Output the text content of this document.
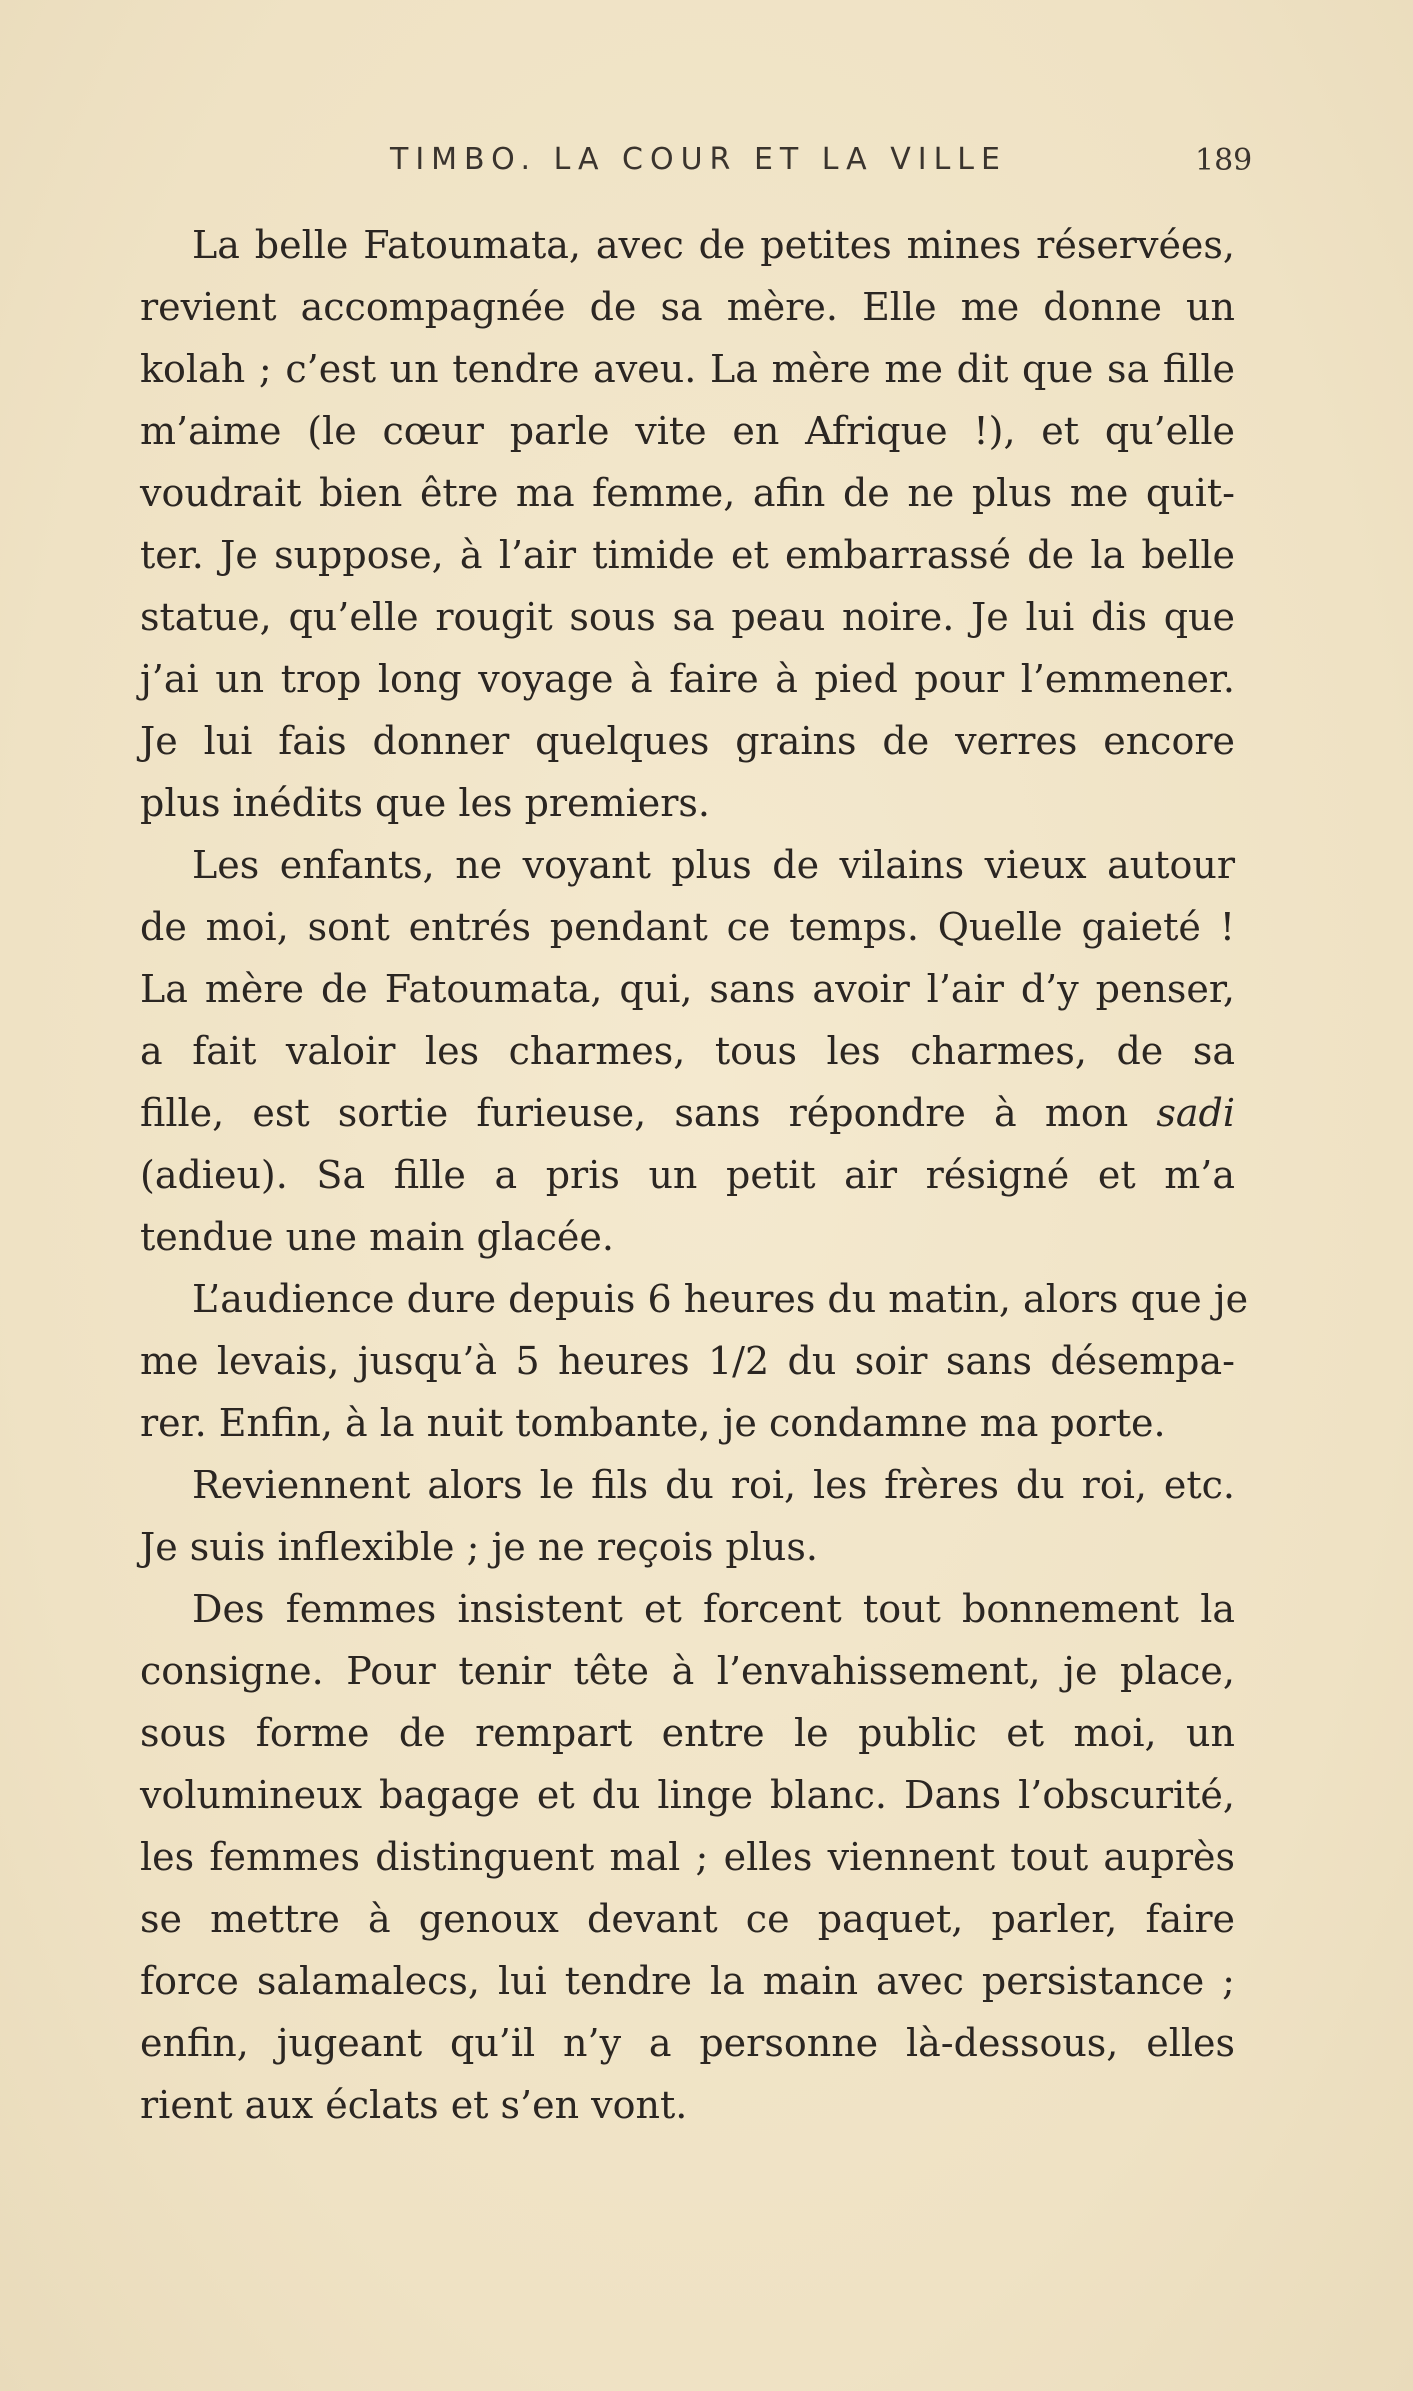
TIMBO. LA COUR ET LA VILLE	189
La belle Fatoumata, avec de petites mines réservées,
revient accompagnée de sa mère. Elle me donne un
kolah ; c’est un tendre aveu. La mère me dit que sa fille
m’aime (le cœur parle vite en Afrique !), et qu’elle
voudrait bien être ma femme, afin de ne plus me quit-
ter. Je suppose, à l’air timide et embarrassé de la belle
statue, qu’elle rougit sous sa peau noire. Je lui dis que
j’ai un trop long voyage à faire à pied pour l’emmener.
Je lui fais donner quelques grains de verres encore
plus inédits que les premiers.
Les enfants, ne voyant plus de vilains vieux autour
de moi, sont entrés pendant ce temps. Quelle gaieté !
La mère de Fatoumata, qui, sans avoir l’air d’y penser,
a fait valoir les charmes, tous les charmes, de sa
fille, est sortie furieuse, sans répondre à mon sadi
(adieu). Sa fille a pris un petit air résigné et m’a
tendue une main glacée.
L’audience dure depuis 6 heures du matin, alors que je
me levais, jusqu’à 5 heures 1/2 du soir sans désempa-
rer. Enfin, à la nuit tombante, je condamne ma porte.
Reviennent alors le fils du roi, les frères du roi, etc.
Je suis inflexible ; je ne reçois plus.
Des femmes insistent et forcent tout bonnement la
consigne. Pour tenir tête à l’envahissement, je place,
sous forme de rempart entre le public et moi, un
volumineux bagage et du linge blanc. Dans l’obscurité,
les femmes distinguent mal ; elles viennent tout auprès
se mettre à genoux devant ce paquet, parler, faire
force salamalecs, lui tendre la main avec persistance ;
enfin, jugeant qu’il n’y a personne là-dessous, elles
rient aux éclats et s’en vont.
